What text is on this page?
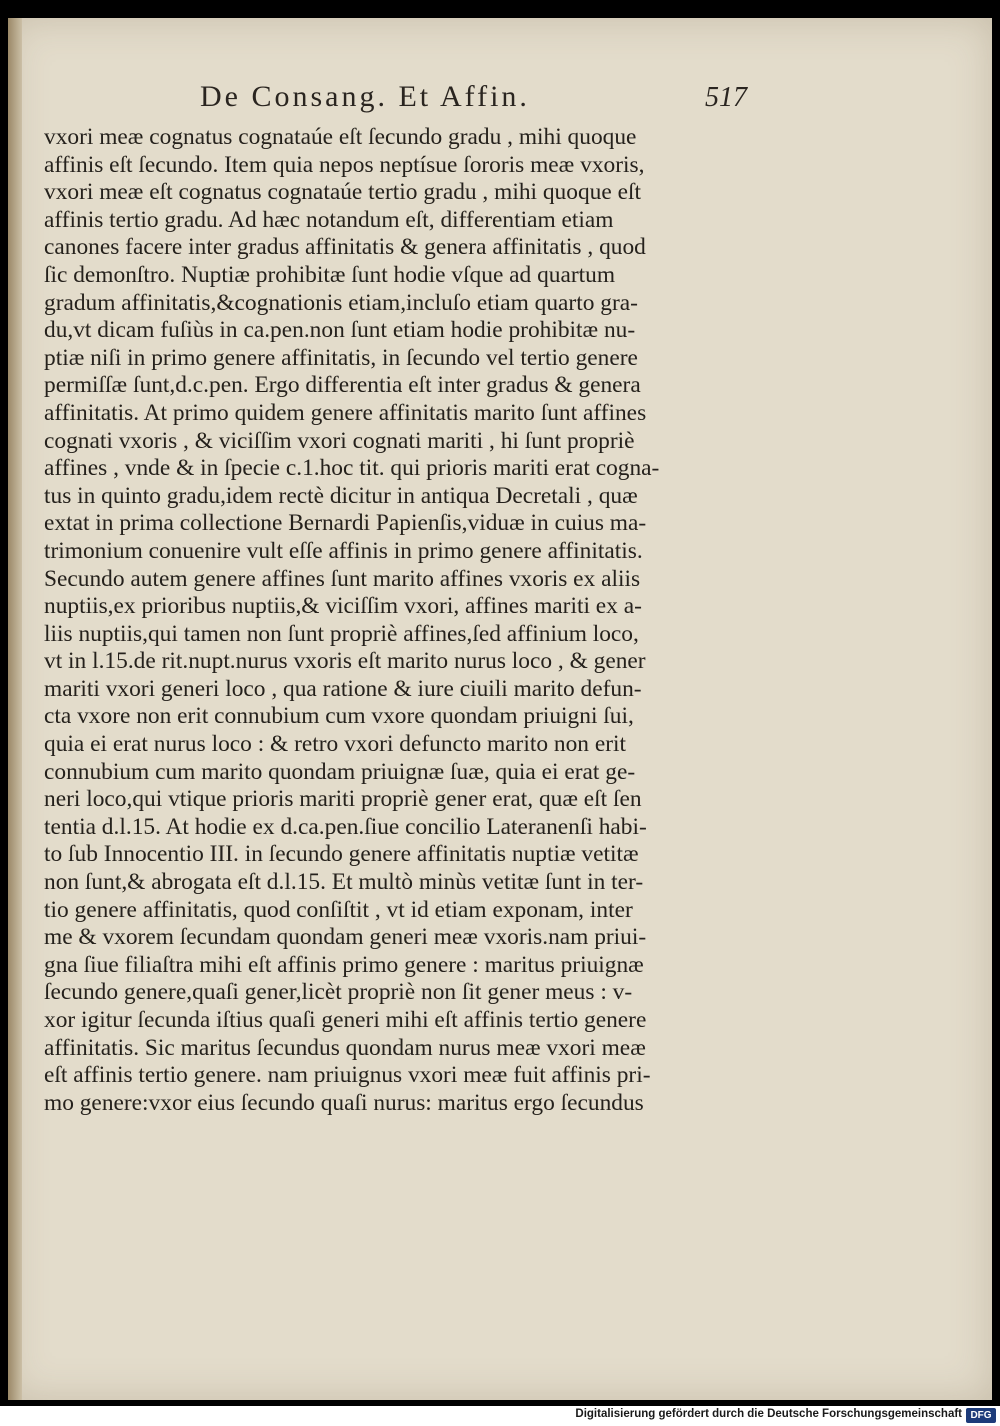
De Consang. Et Affin.	517
vxori meæ cognatus cognataúe eſt ſecundo gradu , mihi quoque
affinis eſt ſecundo. Item quia nepos neptísue ſororis meæ vxoris,
vxori meæ eſt cognatus cognataúe tertio gradu , mihi quoque eſt
affinis tertio gradu. Ad hæc notandum eſt, differentiam etiam
canones facere inter gradus affinitatis & genera affinitatis , quod
ſic demonſtro. Nuptiæ prohibitæ ſunt hodie vſque ad quartum
gradum affinitatis,&cognationis etiam,incluſo etiam quarto gra-
du,vt dicam fuſiùs in ca.pen.non ſunt etiam hodie prohibitæ nu-
ptiæ niſi in primo genere affinitatis, in ſecundo vel tertio genere
permiſſæ ſunt,d.c.pen. Ergo differentia eſt inter gradus & genera
affinitatis. At primo quidem genere affinitatis marito ſunt affines
cognati vxoris , & viciſſim vxori cognati mariti , hi ſunt propriè
affines , vnde & in ſpecie c.1.hoc tit. qui prioris mariti erat cogna-
tus in quinto gradu,idem rectè dicitur in antiqua Decretali , quæ
extat in prima collectione Bernardi Papienſis,viduæ in cuius ma-
trimonium conuenire vult eſſe affinis in primo genere affinitatis.
Secundo autem genere affines ſunt marito affines vxoris ex aliis
nuptiis,ex prioribus nuptiis,& viciſſim vxori, affines mariti ex a-
liis nuptiis,qui tamen non ſunt propriè affines,ſed affinium loco,
vt in l.15.de rit.nupt.nurus vxoris eſt marito nurus loco , & gener
mariti vxori generi loco , qua ratione & iure ciuili marito defun-
cta vxore non erit connubium cum vxore quondam priuigni ſui,
quia ei erat nurus loco : & retro vxori defuncto marito non erit
connubium cum marito quondam priuignæ ſuæ, quia ei erat ge-
neri loco,qui vtique prioris mariti propriè gener erat, quæ eſt ſen
tentia d.l.15. At hodie ex d.ca.pen.ſiue concilio Lateranenſi habi-
to ſub Innocentio III. in ſecundo genere affinitatis nuptiæ vetitæ
non ſunt,& abrogata eſt d.l.15. Et multò minùs vetitæ ſunt in ter-
tio genere affinitatis, quod conſiſtit , vt id etiam exponam, inter
me & vxorem ſecundam quondam generi meæ vxoris.nam priui-
gna ſiue filiaſtra mihi eſt affinis primo genere : maritus priuignæ
ſecundo genere,quaſi gener,licèt propriè non ſit gener meus : v-
xor igitur ſecunda iſtius quaſi generi mihi eſt affinis tertio genere
affinitatis. Sic maritus ſecundus quondam nurus meæ vxori meæ
eſt affinis tertio genere. nam priuignus vxori meæ fuit affinis pri-
mo genere:vxor eius ſecundo quaſi nurus: maritus ergo ſecundus
Digitalisierung gefördert durch die Deutsche Forschungsgemeinschaft DFG
